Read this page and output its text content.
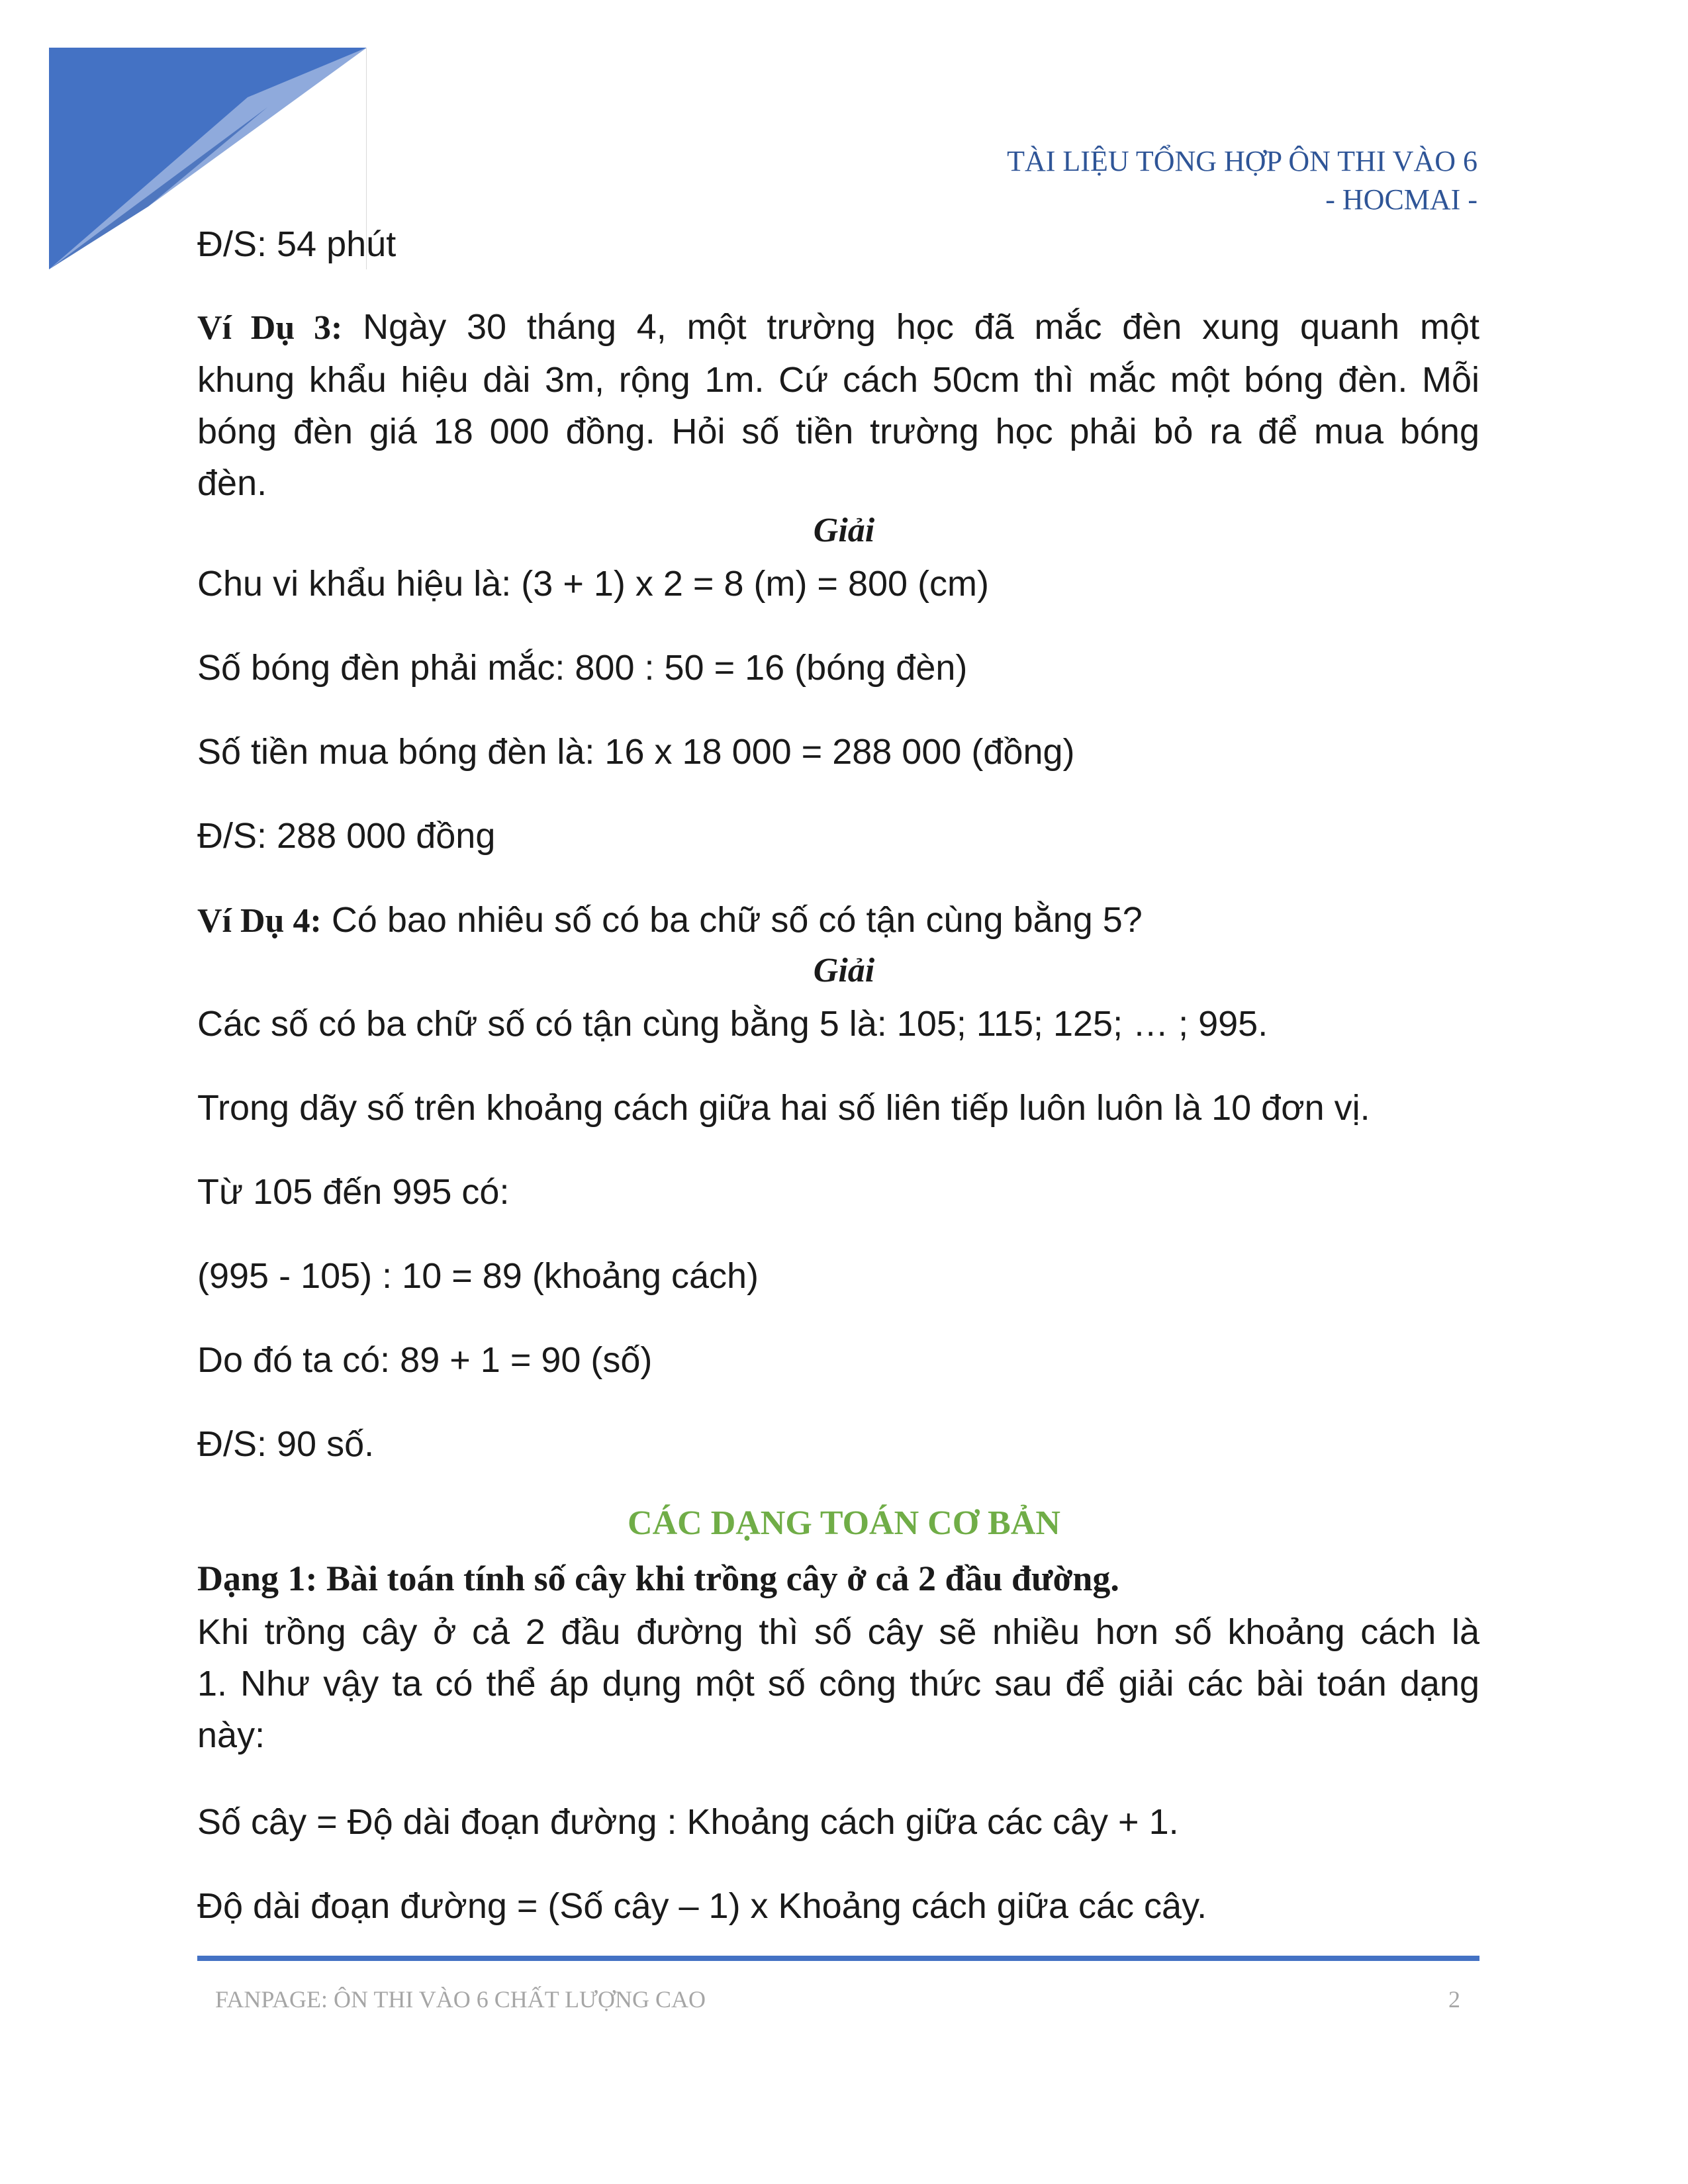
TÀI LIỆU TỔNG HỢP ÔN THI VÀO 6
- HOCMAI -
Đ/S: 54 phút
Ví Dụ 3: Ngày 30 tháng 4, một trường học đã mắc đèn xung quanh một
khung khẩu hiệu dài 3m, rộng 1m. Cứ cách 50cm thì mắc một bóng đèn. Mỗi
bóng đèn giá 18 000 đồng. Hỏi số tiền trường học phải bỏ ra để mua bóng
đèn.
Giải
Chu vi khẩu hiệu là: (3 + 1) x 2 = 8 (m) = 800 (cm)
Số bóng đèn phải mắc: 800 : 50 = 16 (bóng đèn)
Số tiền mua bóng đèn là: 16 x 18 000 = 288 000 (đồng)
Đ/S: 288 000 đồng
Ví Dụ 4: Có bao nhiêu số có ba chữ số có tận cùng bằng 5?
Giải
Các số có ba chữ số có tận cùng bằng 5 là: 105; 115; 125; … ; 995.
Trong dãy số trên khoảng cách giữa hai số liên tiếp luôn luôn là 10 đơn vị.
Từ 105 đến 995 có:
(995 - 105) : 10 = 89 (khoảng cách)
Do đó ta có: 89 + 1 = 90 (số)
Đ/S: 90 số.
CÁC DẠNG TOÁN CƠ BẢN
Dạng 1: Bài toán tính số cây khi trồng cây ở cả 2 đầu đường.
Khi trồng cây ở cả 2 đầu đường thì số cây sẽ nhiều hơn số khoảng cách là
1. Như vậy ta có thể áp dụng một số công thức sau để giải các bài toán dạng
này:
Số cây = Độ dài đoạn đường : Khoảng cách giữa các cây + 1.
Độ dài đoạn đường = (Số cây – 1) x Khoảng cách giữa các cây.
FANPAGE: ÔN THI VÀO 6 CHẤT LƯỢNG CAO	2
